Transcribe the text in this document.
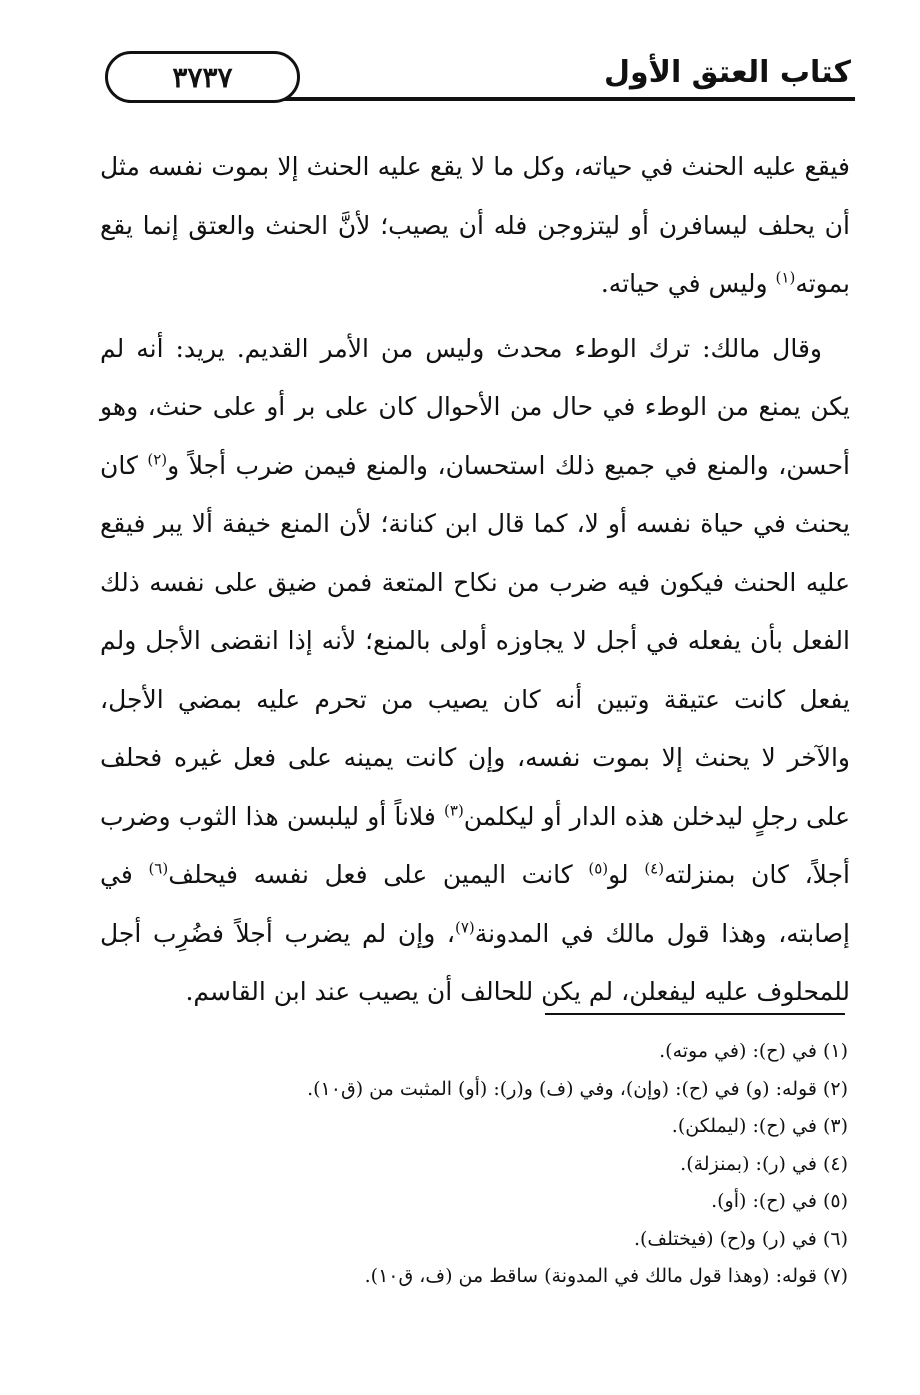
٣٧٣٧	كتاب العتق الأول

فيقع عليه الحنث في حياته، وكل ما لا يقع عليه الحنث إلا بموت نفسه مثل أن يحلف ليسافرن أو ليتزوجن فله أن يصيب؛ لأنَّ الحنث والعتق إنما يقع بموته$^{(١)}$ وليس في حياته.

وقال مالك: ترك الوطء محدث وليس من الأمر القديم. يريد: أنه لم يكن يمنع من الوطء في حال من الأحوال كان على بر أو على حنث، وهو أحسن، والمنع في جميع ذلك استحسان، والمنع فيمن ضرب أجلاً و$^{(٢)}$ كان يحنث في حياة نفسه أو لا، كما قال ابن كنانة؛ لأن المنع خيفة ألا يبر فيقع عليه الحنث فيكون فيه ضرب من نكاح المتعة فمن ضيق على نفسه ذلك الفعل بأن يفعله في أجل لا يجاوزه أولى بالمنع؛ لأنه إذا انقضى الأجل ولم يفعل كانت عتيقة وتبين أنه كان يصيب من تحرم عليه بمضي الأجل، والآخر لا يحنث إلا بموت نفسه، وإن كانت يمينه على فعل غيره فحلف على رجلٍ ليدخلن هذه الدار أو ليكلمن$^{(٣)}$ فلاناً أو ليلبسن هذا الثوب وضرب أجلاً، كان بمنزلته$^{(٤)}$ لو$^{(٥)}$ كانت اليمين على فعل نفسه فيحلف$^{(٦)}$ في إصابته، وهذا قول مالك في المدونة$^{(٧)}$، وإن لم يضرب أجلاً فضُرِب أجل للمحلوف عليه ليفعلن، لم يكن للحالف أن يصيب عند ابن القاسم.

(١) في (ح): (في موته).
(٢) قوله: (و) في (ح): (وإن)، وفي (ف) و(ر): (أو) المثبت من (ق١٠).
(٣) في (ح): (ليملكن).
(٤) في (ر): (بمنزلة).
(٥) في (ح): (أو).
(٦) في (ر) و(ح) (فيختلف).
(٧) قوله: (وهذا قول مالك في المدونة) ساقط من (ف، ق١٠).
